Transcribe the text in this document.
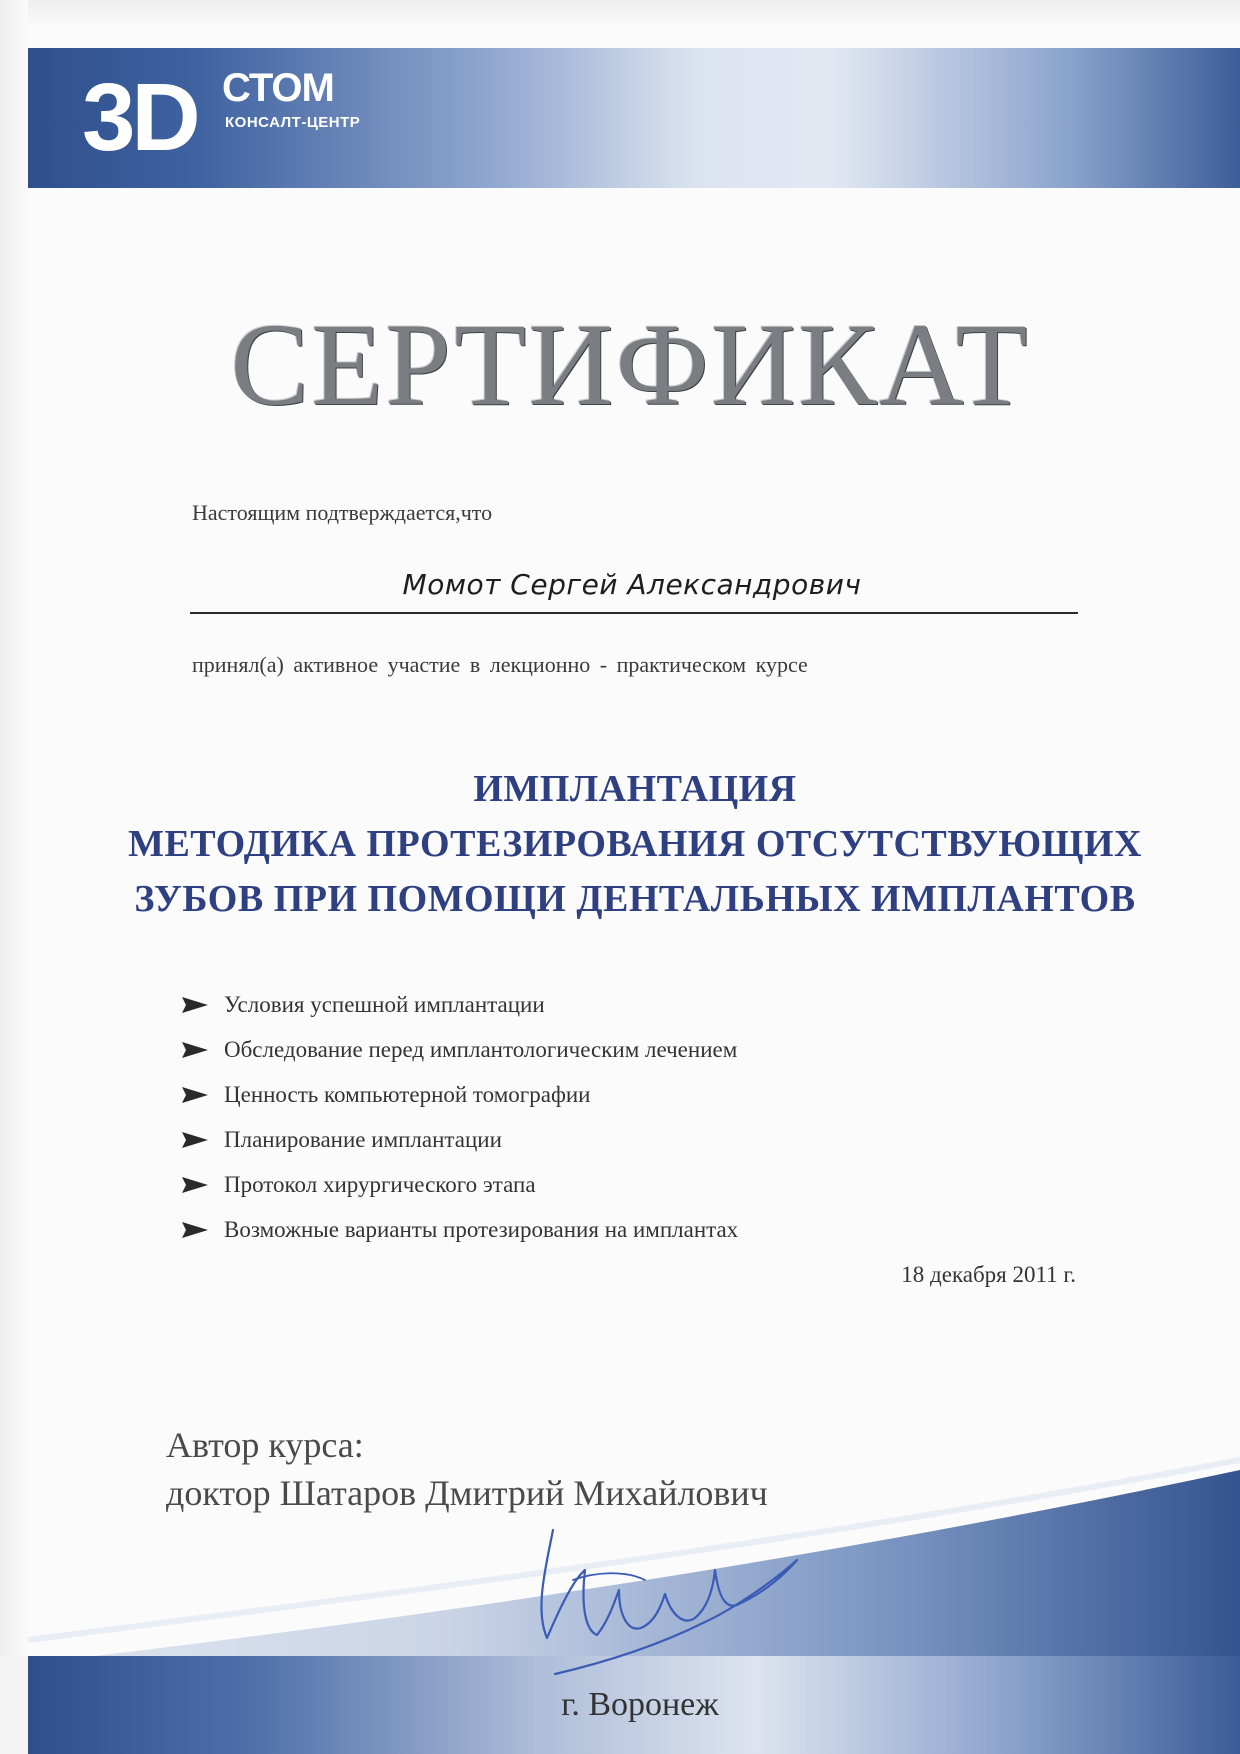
3D СТОМ
КОНСАЛТ-ЦЕНТР
СЕРТИФИКАТ
Настоящим подтверждается,что
Момот Сергей Александрович
принял(а) активное участие в лекционно - практическом курсе
ИМПЛАНТАЦИЯ
МЕТОДИКА ПРОТЕЗИРОВАНИЯ ОТСУТСТВУЮЩИХ
ЗУБОВ ПРИ ПОМОЩИ ДЕНТАЛЬНЫХ ИМПЛАНТОВ
Условия успешной имплантации
Обследование перед имплантологическим лечением
Ценность компьютерной томографии
Планирование имплантации
Протокол хирургического этапа
Возможные варианты протезирования на имплантах
18 декабря 2011 г.
Автор курса:
доктор Шатаров Дмитрий Михайлович
г. Воронеж
